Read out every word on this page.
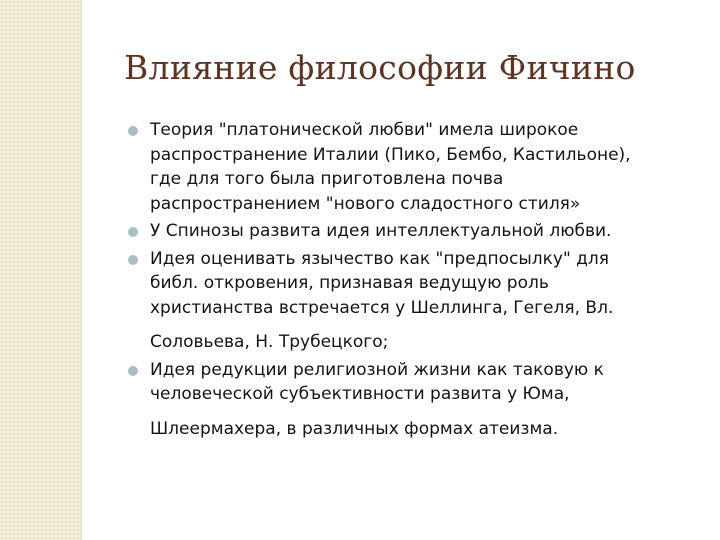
Влияние философии Фичино
Теория "платонической любви" имела широкое
распространение Италии (Пико, Бембо, Кастильоне),
где для того была приготовлена почва
распространением "нового сладостного стиля»
У Спинозы развита идея интеллектуальной любви.
Идея оценивать язычество как "предпосылку" для
библ. откровения, признавая ведущую роль
христианства встречается у Шеллинга, Гегеля, Вл.
Соловьева, Н. Трубецкого;
Идея редукции религиозной жизни как таковую к
человеческой субъективности развита у Юма,
Шлеермахера, в различных формах атеизма.
